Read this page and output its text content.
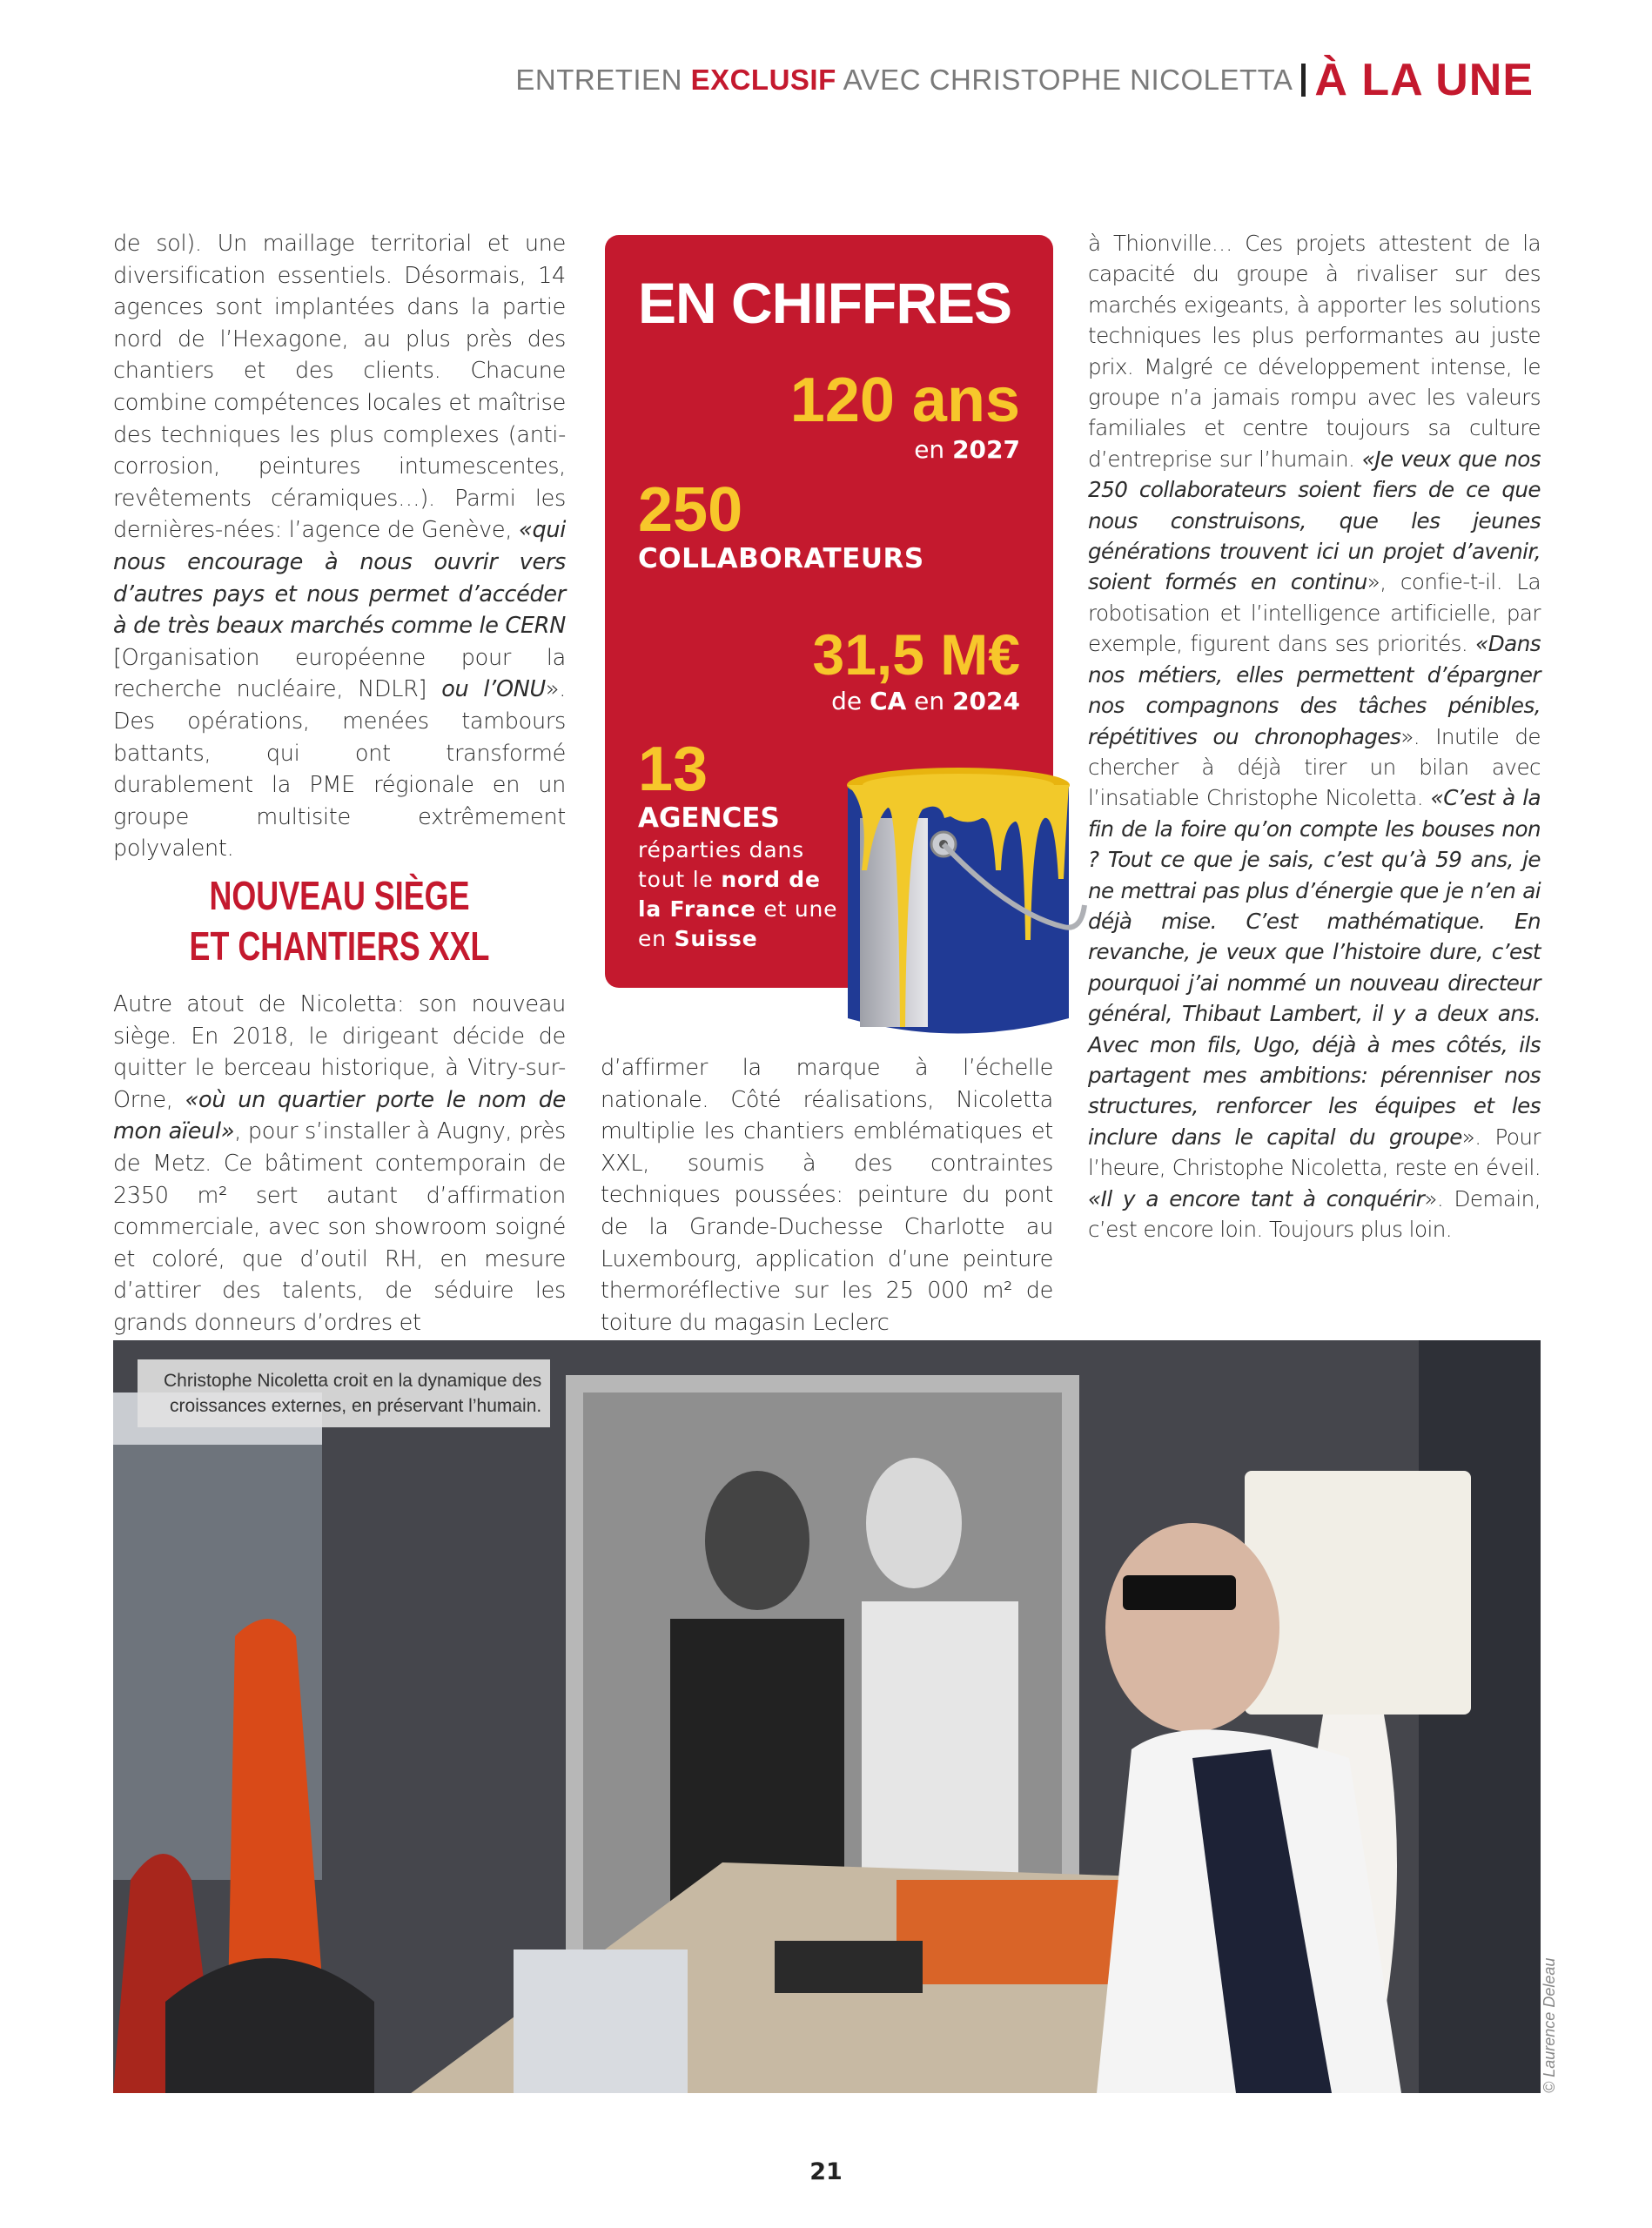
ENTRETIEN EXCLUSIF AVEC CHRISTOPHE NICOLETTA À LA UNE

de sol). Un maillage territorial et une diversification essentiels. Désormais, 14 agences sont implantées dans la partie nord de l’Hexagone, au plus près des chantiers et des clients. Chacune combine compétences locales et maîtrise des techniques les plus complexes (anti-corrosion, peintures intumescentes, revêtements céramiques…). Parmi les dernières-nées: l’agence de Genève, «qui nous encourage à nous ouvrir vers d’autres pays et nous permet d’accéder à de très beaux marchés comme le CERN [Organisation européenne pour la recherche nucléaire, NDLR] ou l’ONU». Des opérations, menées tambours battants, qui ont transformé durablement la PME régionale en un groupe multisite extrêmement polyvalent.

NOUVEAU SIÈGE
ET CHANTIERS XXL

Autre atout de Nicoletta: son nouveau siège. En 2018, le dirigeant décide de quitter le berceau historique, à Vitry-sur-Orne, «où un quartier porte le nom de mon aïeul», pour s’installer à Augny, près de Metz. Ce bâtiment contemporain de 2350 m² sert autant d’affirmation commerciale, avec son showroom soigné et coloré, que d’outil RH, en mesure d’attirer des talents, de séduire les grands donneurs d’ordres et

EN CHIFFRES
120 ans
en 2027
250
COLLABORATEURS
31,5 M€
de CA en 2024
13
AGENCES
réparties dans tout le nord de la France et une en Suisse

d’affirmer la marque à l’échelle nationale. Côté réalisations, Nicoletta multiplie les chantiers emblématiques et XXL, soumis à des contraintes techniques poussées: peinture du pont de la Grande-Duchesse Charlotte au Luxembourg, application d’une peinture thermoréflective sur les 25 000 m² de toiture du magasin Leclerc

à Thionville… Ces projets attestent de la capacité du groupe à rivaliser sur des marchés exigeants, à apporter les solutions techniques les plus performantes au juste prix. Malgré ce développement intense, le groupe n’a jamais rompu avec les valeurs familiales et centre toujours sa culture d’entreprise sur l’humain. «Je veux que nos 250 collaborateurs soient fiers de ce que nous construisons, que les jeunes générations trouvent ici un projet d’avenir, soient formés en continu», confie-t-il. La robotisation et l’intelligence artificielle, par exemple, figurent dans ses priorités. «Dans nos métiers, elles permettent d’épargner nos compagnons des tâches pénibles, répétitives ou chronophages». Inutile de chercher à déjà tirer un bilan avec l’insatiable Christophe Nicoletta. «C’est à la fin de la foire qu’on compte les bouses non ? Tout ce que je sais, c’est qu’à 59 ans, je ne mettrai pas plus d’énergie que je n’en ai déjà mise. C’est mathématique. En revanche, je veux que l’histoire dure, c’est pourquoi j’ai nommé un nouveau directeur général, Thibaut Lambert, il y a deux ans. Avec mon fils, Ugo, déjà à mes côtés, ils partagent mes ambitions: pérenniser nos structures, renforcer les équipes et les inclure dans le capital du groupe». Pour l’heure, Christophe Nicoletta, reste en éveil. «Il y a encore tant à conquérir». Demain, c’est encore loin. Toujours plus loin.

Christophe Nicoletta croit en la dynamique des
croissances externes, en préservant l’humain.
© Laurence Deleau
21
